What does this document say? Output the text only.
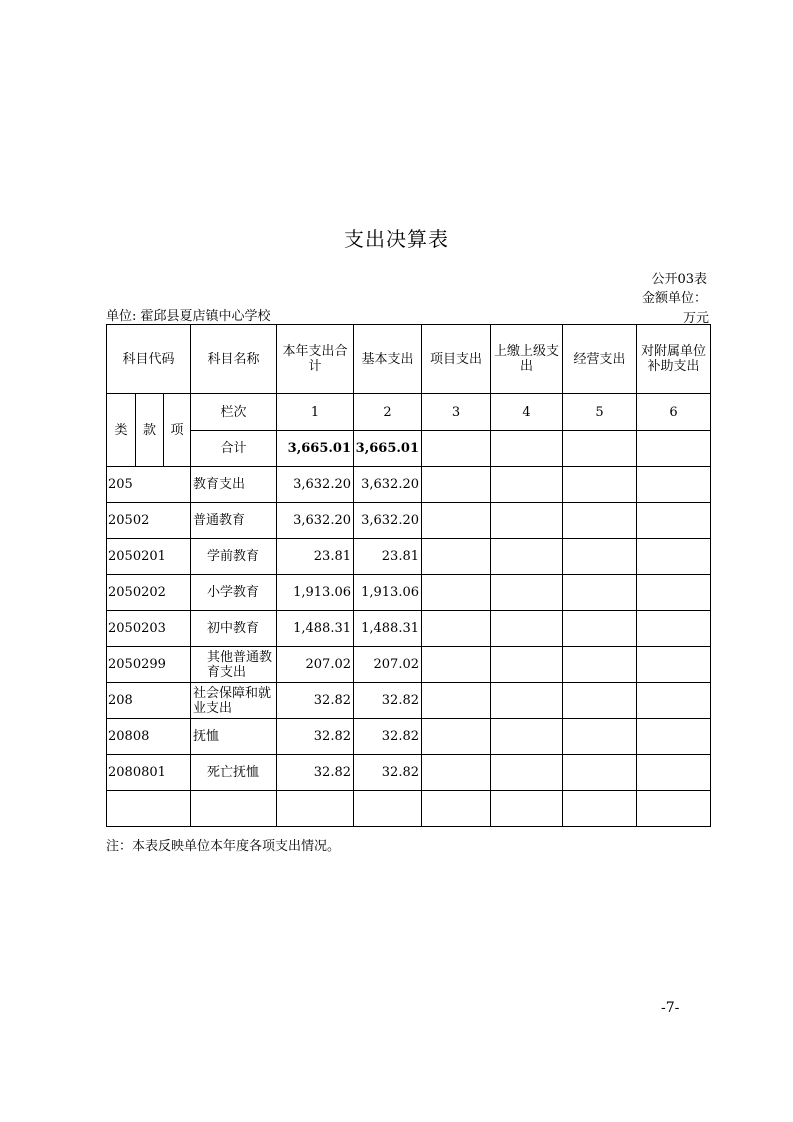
支出决算表
公开03表
金额单位：
万元
单位: 霍邱县夏店镇中心学校
科目代码			科目名称	本年支出合计	基本支出	项目支出	上缴上级支出	经营支出	对附属单位补助支出
类	款	项	栏次	1	2	3	4	5	6
			合计	3,665.01	3,665.01				
205			教育支出	3,632.20	3,632.20				
20502			普通教育	3,632.20	3,632.20				
2050201			学前教育	23.81	23.81				
2050202			小学教育	1,913.06	1,913.06				
2050203			初中教育	1,488.31	1,488.31				
2050299			其他普通教育支出	207.02	207.02				
208			社会保障和就业支出	32.82	32.82				
20808			抚恤	32.82	32.82				
2080801			死亡抚恤	32.82	32.82				

注：本表反映单位本年度各项支出情况。
-7-
